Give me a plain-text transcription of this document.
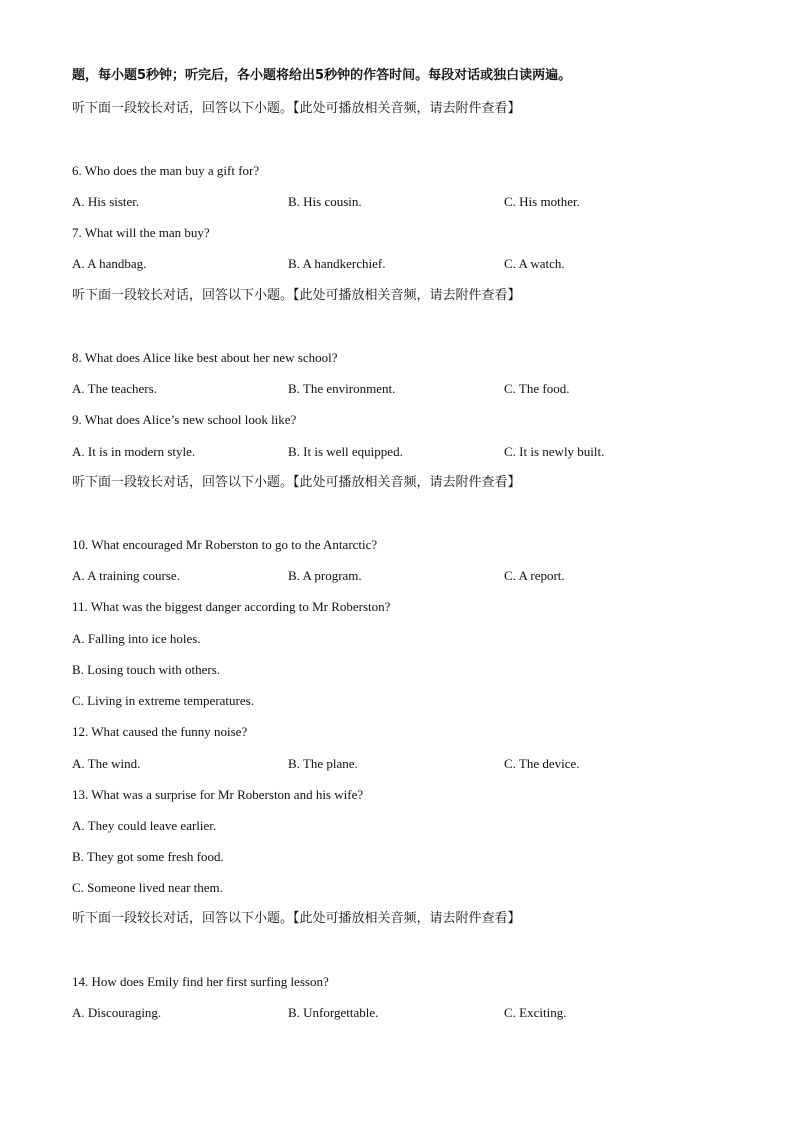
题，每小题5秒钟；听完后，各小题将给出5秒钟的作答时间。每段对话或独白读两遍。
听下面一段较长对话，回答以下小题。【此处可播放相关音频，请去附件查看】
6. Who does the man buy a gift for?
A. His sister.	B. His cousin.	C. His mother.
7. What will the man buy?
A. A handbag.	B. A handkerchief.	C. A watch.
听下面一段较长对话，回答以下小题。【此处可播放相关音频，请去附件查看】
8. What does Alice like best about her new school?
A. The teachers.	B. The environment.	C. The food.
9. What does Alice’s new school look like?
A. It is in modern style.	B. It is well equipped.	C. It is newly built.
听下面一段较长对话，回答以下小题。【此处可播放相关音频，请去附件查看】
10. What encouraged Mr Roberston to go to the Antarctic?
A. A training course.	B. A program.	C. A report.
11. What was the biggest danger according to Mr Roberston?
A. Falling into ice holes.
B. Losing touch with others.
C. Living in extreme temperatures.
12. What caused the funny noise?
A. The wind.	B. The plane.	C. The device.
13. What was a surprise for Mr Roberston and his wife?
A. They could leave earlier.
B. They got some fresh food.
C. Someone lived near them.
听下面一段较长对话，回答以下小题。【此处可播放相关音频，请去附件查看】
14. How does Emily find her first surfing lesson?
A. Discouraging.	B. Unforgettable.	C. Exciting.
